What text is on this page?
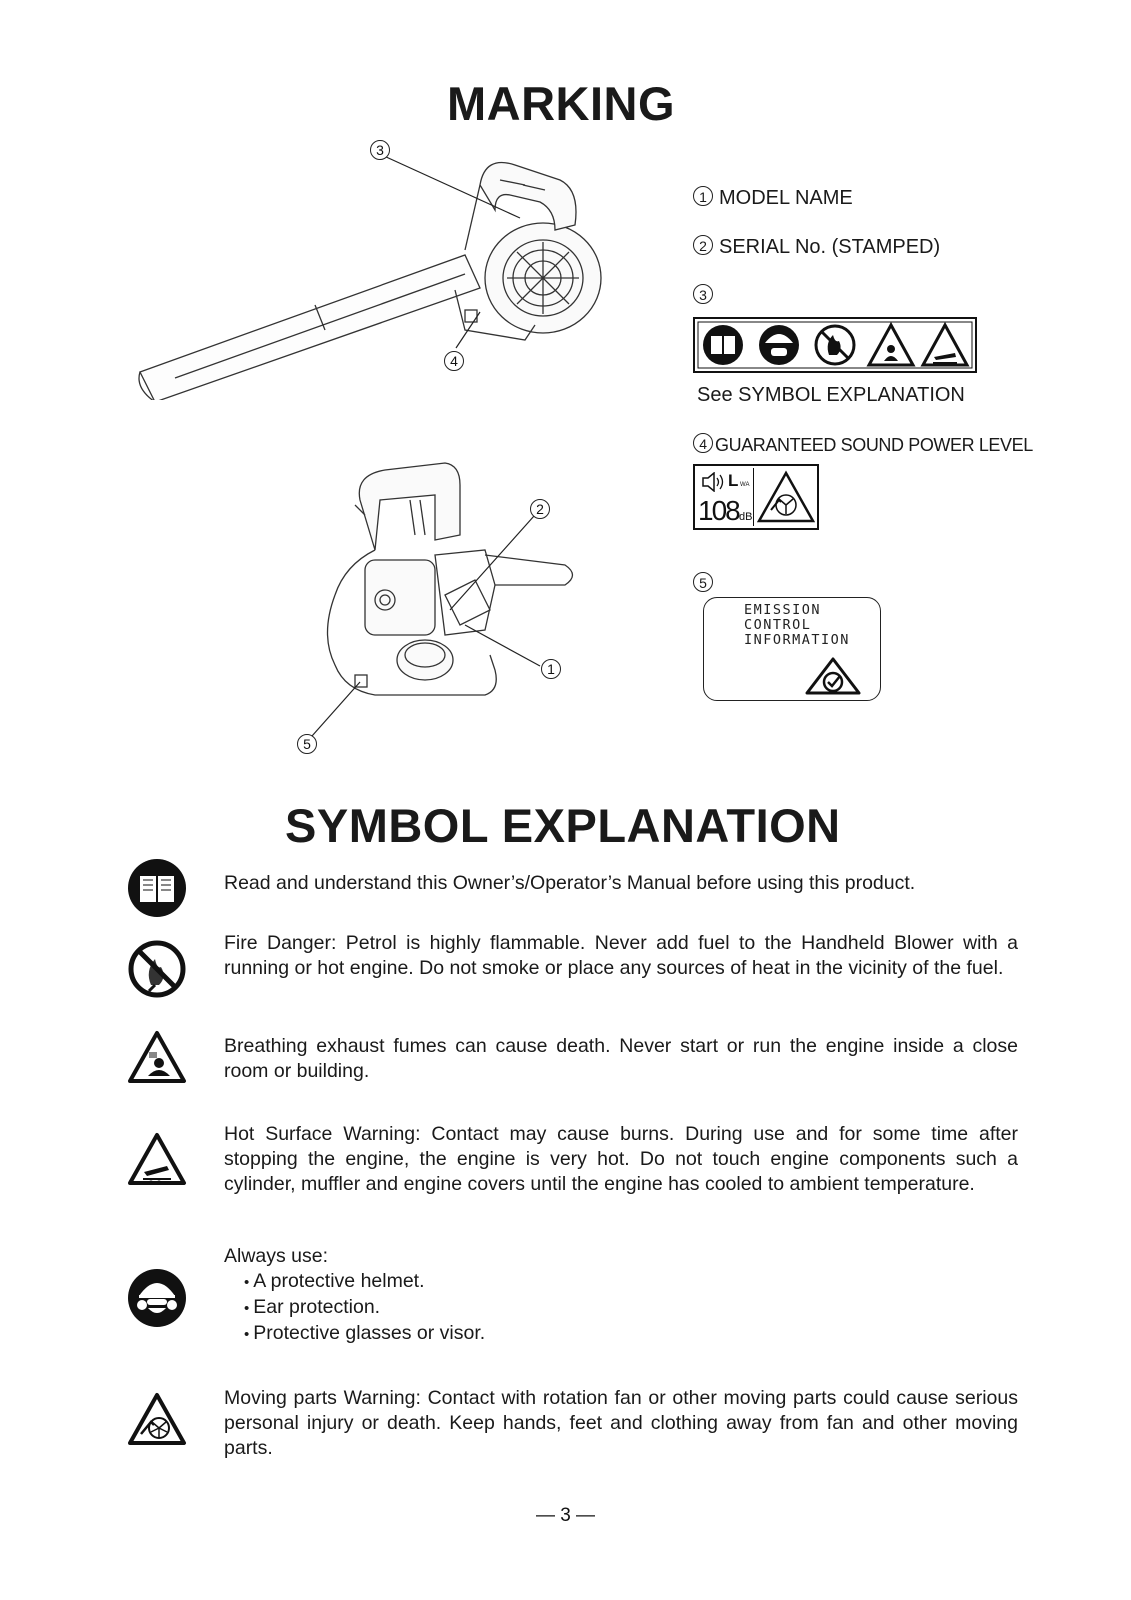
MARKING
3
4
2
1
5
1 MODEL NAME
2 SERIAL No. (STAMPED)
3
See SYMBOL EXPLANATION
4 GUARANTEED SOUND POWER LEVEL
L WA
108 dB
5
EMISSION
CONTROL
INFORMATION
SYMBOL EXPLANATION

Read and understand this Owner’s/Operator’s Manual before using this product.

Fire Danger: Petrol is highly flammable. Never add fuel to the Handheld Blower with a running or hot engine. Do not smoke or place any sources of heat in the vicinity of the fuel.

Breathing exhaust fumes can cause death. Never start or run the engine inside a close room or building.

Hot Surface Warning: Contact may cause burns. During use and for some time after stopping the engine, the engine is very hot. Do not touch engine components such a cylinder, muffler and engine covers until the engine has cooled to ambient temperature.

Always use:

• A protective helmet.
• Ear protection.
• Protective glasses or visor.

Moving parts Warning: Contact with rotation fan or other moving parts could cause serious personal injury or death. Keep hands, feet and clothing away from fan and other moving parts.

— 3 —
